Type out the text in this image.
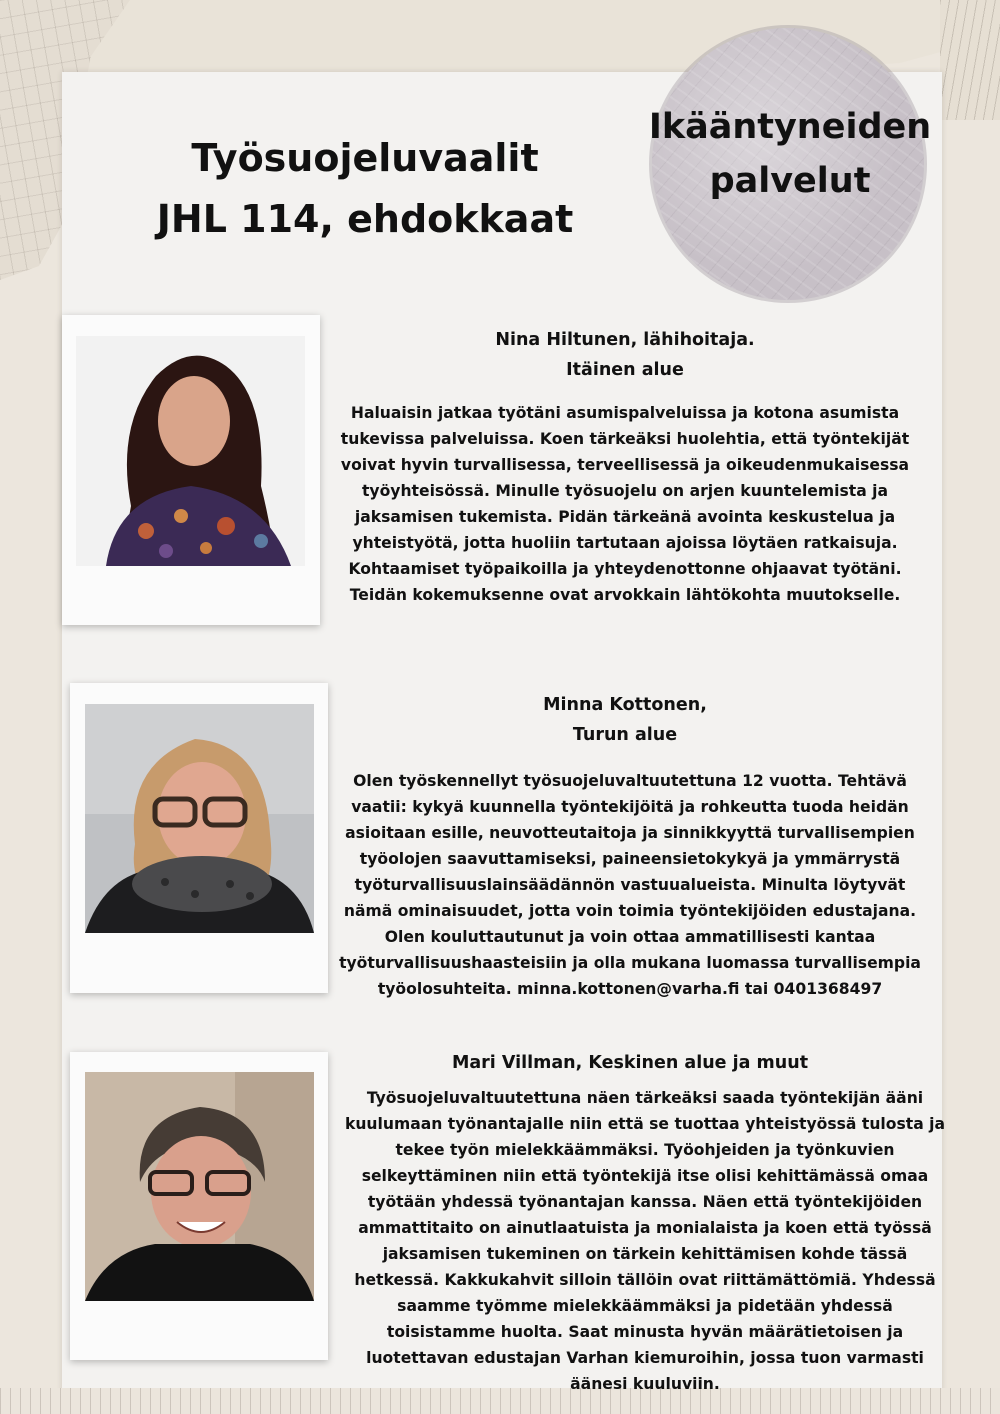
Työsuojeluvaalit
JHL 114, ehdokkaat
Ikääntyneiden
palvelut
Nina Hiltunen, lähihoitaja.
Itäinen alue
Haluaisin jatkaa työtäni asumispalveluissa ja kotona asumista
tukevissa palveluissa. Koen tärkeäksi huolehtia, että työntekijät
voivat hyvin turvallisessa, terveellisessä ja oikeudenmukaisessa
työyhteisössä. Minulle työsuojelu on arjen kuuntelemista ja
jaksamisen tukemista. Pidän tärkeänä avointa keskustelua ja
yhteistyötä, jotta huoliin tartutaan ajoissa löytäen ratkaisuja.
Kohtaamiset työpaikoilla ja yhteydenottonne ohjaavat työtäni.
Teidän kokemuksenne ovat arvokkain lähtökohta muutokselle.
Minna Kottonen,
Turun alue
Olen työskennellyt työsuojeluvaltuutettuna 12 vuotta. Tehtävä
vaatii: kykyä kuunnella työntekijöitä ja rohkeutta tuoda heidän
asioitaan esille, neuvotteutaitoja ja sinnikkyyttä turvallisempien
työolojen saavuttamiseksi, paineensietokykyä ja ymmärrystä
työturvallisuuslainsäädännön vastuualueista. Minulta löytyvät
nämä ominaisuudet, jotta voin toimia työntekijöiden edustajana.
Olen kouluttautunut ja voin ottaa ammatillisesti kantaa
työturvallisuushaasteisiin ja olla mukana luomassa turvallisempia
työolosuhteita. minna.kottonen@varha.fi tai 0401368497
Mari Villman, Keskinen alue ja muut
Työsuojeluvaltuutettuna näen tärkeäksi saada työntekijän ääni
kuulumaan työnantajalle niin että se tuottaa yhteistyössä tulosta ja
tekee työn mielekkäämmäksi. Työohjeiden ja työnkuvien
selkeyttäminen niin että työntekijä itse olisi kehittämässä omaa
työtään yhdessä työnantajan kanssa. Näen että työntekijöiden
ammattitaito on ainutlaatuista ja monialaista ja koen että työssä
jaksamisen tukeminen on tärkein kehittämisen kohde tässä
hetkessä. Kakkukahvit silloin tällöin ovat riittämättömiä. Yhdessä
saamme työmme mielekkäämmäksi ja pidetään yhdessä
toisistamme huolta. Saat minusta hyvän määrätietoisen ja
luotettavan edustajan Varhan kiemuroihin, jossa tuon varmasti
äänesi kuuluviin.
